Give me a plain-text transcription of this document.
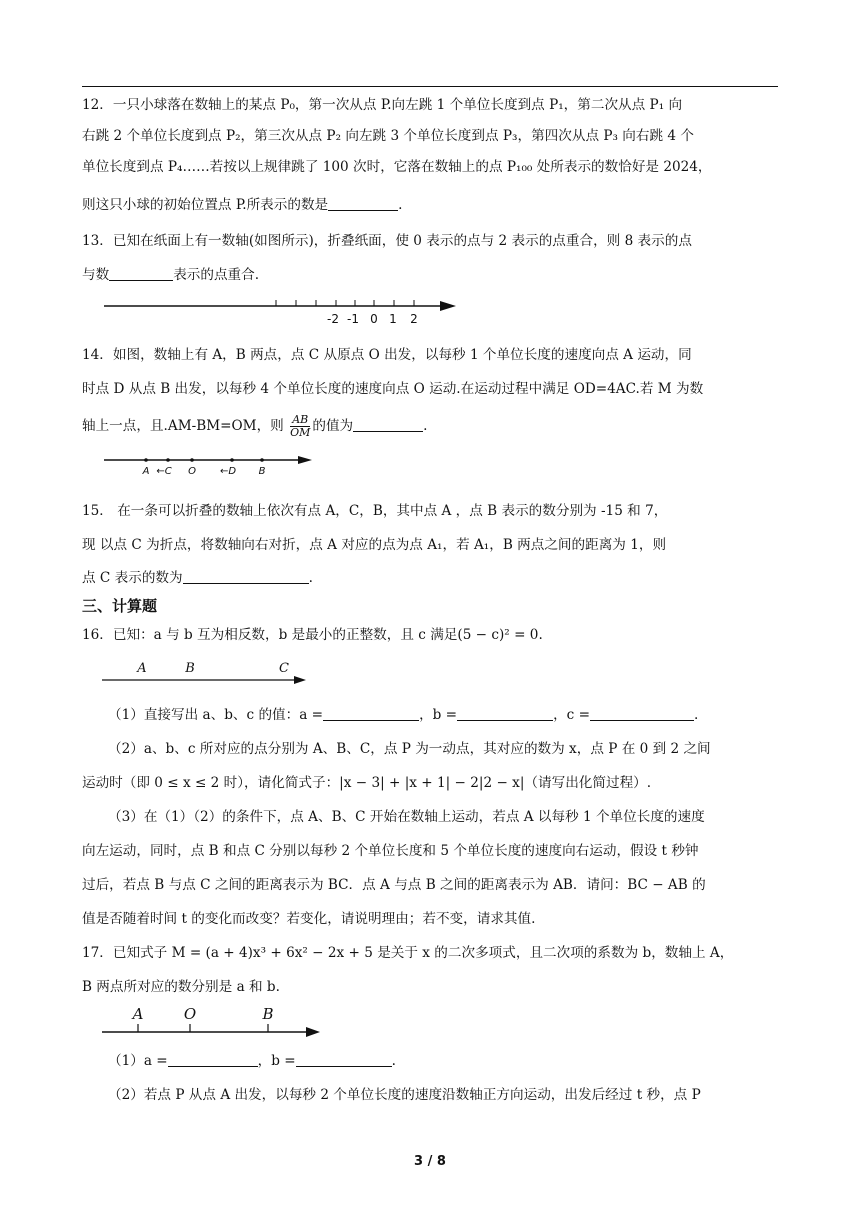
12．一只小球落在数轴上的某点 P₀，第一次从点 P.向左跳 1 个单位长度到点 P₁，第二次从点 P₁ 向
右跳 2 个单位长度到点 P₂，第三次从点 P₂ 向左跳 3 个单位长度到点 P₃，第四次从点 P₃ 向右跳 4 个
单位长度到点 P₄……若按以上规律跳了 100 次时，它落在数轴上的点 P₁₀₀ 处所表示的数恰好是 2024，
则这只小球的初始位置点 P.所表示的数是	.
13．已知在纸面上有一数轴(如图所示)，折叠纸面，使 0 表示的点与 2 表示的点重合，则 8 表示的点
与数	表示的点重合.
-2 -1 0 1 2
14．如图，数轴上有 A，B 两点，点 C 从原点 O 出发，以每秒 1 个单位长度的速度向点 A 运动，同
时点 D 从点 B 出发，以每秒 4 个单位长度的速度向点 O 运动.在运动过程中满足 OD=4AC.若 M 为数
轴上一点，且.AM-BM=OM，则 $\frac{AB}{OM}$ 的值为	.
A ←C O ←D B
15． 在一条可以折叠的数轴上依次有点 A，C，B，其中点 A ，点 B 表示的数分别为 -15 和 7，
现 以点 C 为折点，将数轴向右对折，点 A 对应的点为点 A₁，若 A₁，B 两点之间的距离为 1，则
点 C 表示的数为	.
三、计算题
16．已知：a 与 b 互为相反数，b 是最小的正整数，且 c 满足(5 − c)² = 0.
A	B	C
（1）直接写出 a、b、c 的值：a =	，b =	，c =	.
（2）a、b、c 所对应的点分别为 A、B、C，点 P 为一动点，其对应的数为 x，点 P 在 0 到 2 之间
运动时（即 0 ≤ x ≤ 2 时），请化简式子：|x − 3| + |x + 1| − 2|2 − x|（请写出化简过程）.
（3）在（1）（2）的条件下，点 A、B、C 开始在数轴上运动，若点 A 以每秒 1 个单位长度的速度
向左运动，同时，点 B 和点 C 分别以每秒 2 个单位长度和 5 个单位长度的速度向右运动，假设 t 秒钟
过后，若点 B 与点 C 之间的距离表示为 BC．点 A 与点 B 之间的距离表示为 AB．请问：BC − AB 的
值是否随着时间 t 的变化而改变？若变化，请说明理由；若不变，请求其值.
17．已知式子 M = (a + 4)x³ + 6x² − 2x + 5 是关于 x 的二次多项式，且二次项的系数为 b，数轴上 A，
B 两点所对应的数分别是 a 和 b.
A	O	B
（1）a =	，b =	.
（2）若点 P 从点 A 出发，以每秒 2 个单位长度的速度沿数轴正方向运动，出发后经过 t 秒，点 P
3 / 8
